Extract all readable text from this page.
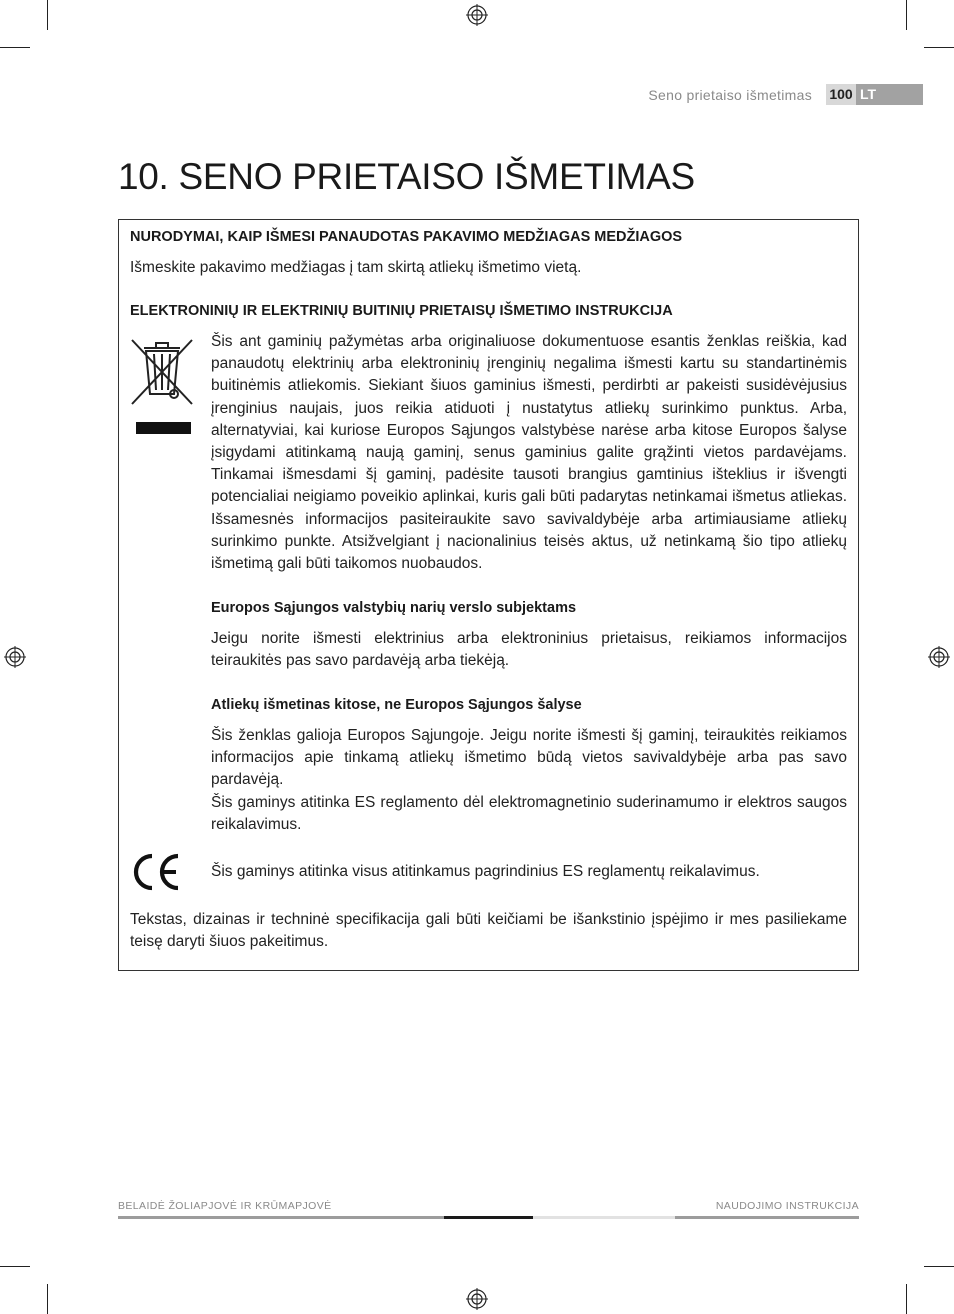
Seno prietaiso išmetimas 100 LT
10. SENO PRIETAISO IŠMETIMAS
NURODYMAI, KAIP IŠMESI PANAUDOTAS PAKAVIMO MEDŽIAGAS MEDŽIAGOS
Išmeskite pakavimo medžiagas į tam skirtą atliekų išmetimo vietą.
ELEKTRONINIŲ IR ELEKTRINIŲ BUITINIŲ PRIETAISŲ IŠMETIMO INSTRUKCIJA
Šis ant gaminių pažymėtas arba originaliuose dokumentuose esantis ženklas reiškia, kad panaudotų elektrinių arba elektroninių įrenginių negalima išmesti kartu su standartinėmis buitinėmis atliekomis. Siekiant šiuos gaminius išmesti, perdirbti ar pakeisti susidėvėjusius įrenginius naujais, juos reikia atiduoti į nustatytus atliekų surinkimo punktus. Arba, alternatyviai, kai kuriose Europos Sąjungos valstybėse narėse arba kitose Europos šalyse įsigydami atitinkamą naują gaminį, senus gaminius galite grąžinti vietos pardavėjams. Tinkamai išmesdami šį gaminį, padėsite tausoti brangius gamtinius išteklius ir išvengti potencialiai neigiamo poveikio aplinkai, kuris gali būti padarytas netinkamai išmetus atliekas. Išsamesnės informacijos pasiteiraukite savo savivaldybėje arba artimiausiame atliekų surinkimo punkte. Atsižvelgiant į nacionalinius teisės aktus, už netinkamą šio tipo atliekų išmetimą gali būti taikomos nuobaudos.
Europos Sąjungos valstybių narių verslo subjektams
Jeigu norite išmesti elektrinius arba elektroninius prietaisus, reikiamos informacijos teiraukitės pas savo pardavėją arba tiekėją.
Atliekų išmetinas kitose, ne Europos Sąjungos šalyse
Šis ženklas galioja Europos Sąjungoje. Jeigu norite išmesti šį gaminį, teiraukitės reikiamos informacijos apie tinkamą atliekų išmetimo būdą vietos savivaldybėje arba pas savo pardavėją.
Šis gaminys atitinka ES reglamento dėl elektromagnetinio suderinamumo ir elektros saugos reikalavimus.
Šis gaminys atitinka visus atitinkamus pagrindinius ES reglamentų reikalavimus.
Tekstas, dizainas ir techninė specifikacija gali būti keičiami be išankstinio įspėjimo ir mes pasiliekame teisę daryti šiuos pakeitimus.
BELAIDĖ ŽOLIAPJOVĖ IR KRŪMAPJOVĖ	NAUDOJIMO INSTRUKCIJA
